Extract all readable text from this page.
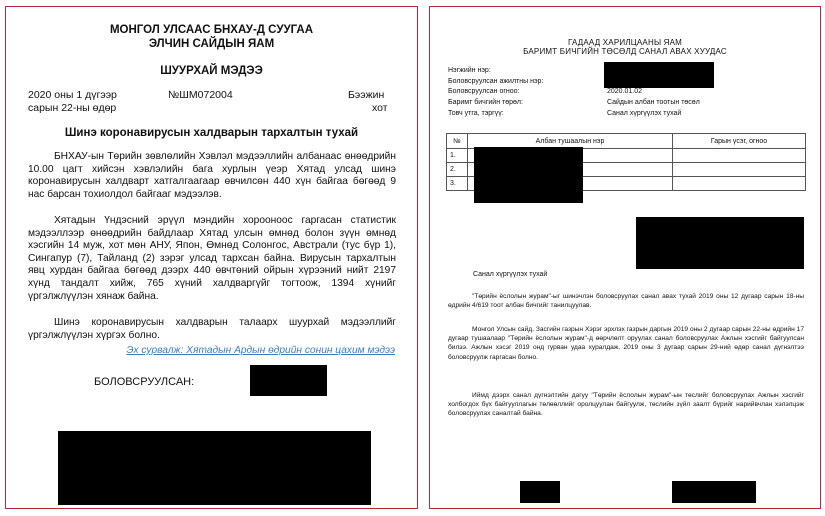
МОНГОЛ УЛСААС БНХАУ-Д СУУГАА
ЭЛЧИН САЙДЫН ЯАМ
ШУУРХАЙ МЭДЭЭ
2020 оны 1 дүгээр
сарын 22-ны өдөр
№ШМ072004	Бээжин
хот
Шинэ коронавирусын халдварын тархалтын тухай
БНХАУ-ын Төрийн зөвлөлийн Хэвлэл мэдээллийн албанаас өнөөдрийн 10.00 цагт хийсэн хэвлэлийн бага хурлын үеэр Хятад улсад шинэ коронавирусын халдварт хатгалгаагаар өвчилсөн 440 хүн байгаа бөгөөд 9 нас барсан тохиолдол байгааг мэдээлэв.
Хятадын Үндэсний эрүүл мэндийн хорооноос гаргасан статистик мэдээллээр өнөөдрийн байдлаар Хятад улсын өмнөд болон зүүн өмнөд хэсгийн 14 муж, хот мөн АНУ, Япон, Өмнөд Солонгос, Австрали (тус бүр 1), Сингапур (7), Тайланд (2) зэрэг улсад тархсан байна. Вирусын тархалтын явц хурдан байгаа бөгөөд дээрх 440 өвчтөний ойрын хүрээний нийт 2197 хүнд тандалт хийж, 765 хүний халдваргүйг тогтоож, 1394 хүнийг үргэлжлүүлэн хянаж байна.
Шинэ коронавирусын халдварын талаарх шуурхай мэдээллийг үргэлжлүүлэн хүргэх болно.
Эх сурвалж: Хятадын Ардын өдрийн сонин цахим мэдээ
БОЛОВСРУУЛСАН:
ГАДААД ХАРИЛЦААНЫ ЯАМ
БАРИМТ БИЧГИЙН ТӨСӨЛД САНАЛ АВАХ ХУУДАС
Нэгжийн нэр:
Боловсруулсан ажилтны нэр:
Боловсруулсан огноо:	2020.01.02
Баримт бичгийн төрөл:	Сайдын албан тоотын төсөл
Товч утга, тэргүү:	Санал хүргүүлэх тухай
№	Албан тушаалын нэр	Гарын үсэг, огноо
1.		
2.		
3.		
Санал хүргүүлэх тухай
"Төрийн ёслолын журам"-ыг шинэчлэн боловсруулах санал авах тухай 2019 оны 12 дугаар сарын 18-ны өдрийн 4/619 тоот албан бичгийг танилцуулав.
Монгол Улсын сайд, Засгийн газрын Хэрэг эрхлэх газрын даргын 2019 оны 2 дугаар сарын 22-ны өдрийн 17 дугаар тушаалаар "Төрийн ёслолын журам"-д өөрчлөлт оруулах санал боловсруулах Ажлын хэсгийг байгуулсан билээ. Ажлын хэсэг 2019 онд гурван удаа хуралдаж, 2019 оны 3 дугаар сарын 29-ний өдөр санал дүгнэлтээ боловсруулж гаргасан болно.
Иймд дээрх санал дүгнэлтийн дагуу "Төрийн ёслолын журам"-ын төслийг боловсруулах Ажлын хэсгийг холбогдох бүх байгууллагын төлөөллийг оролцуулан байгуулж, төслийн зүйл заалт бүрийг нарийвчлан хэлэлцэж боловсруулах саналтай байна.
